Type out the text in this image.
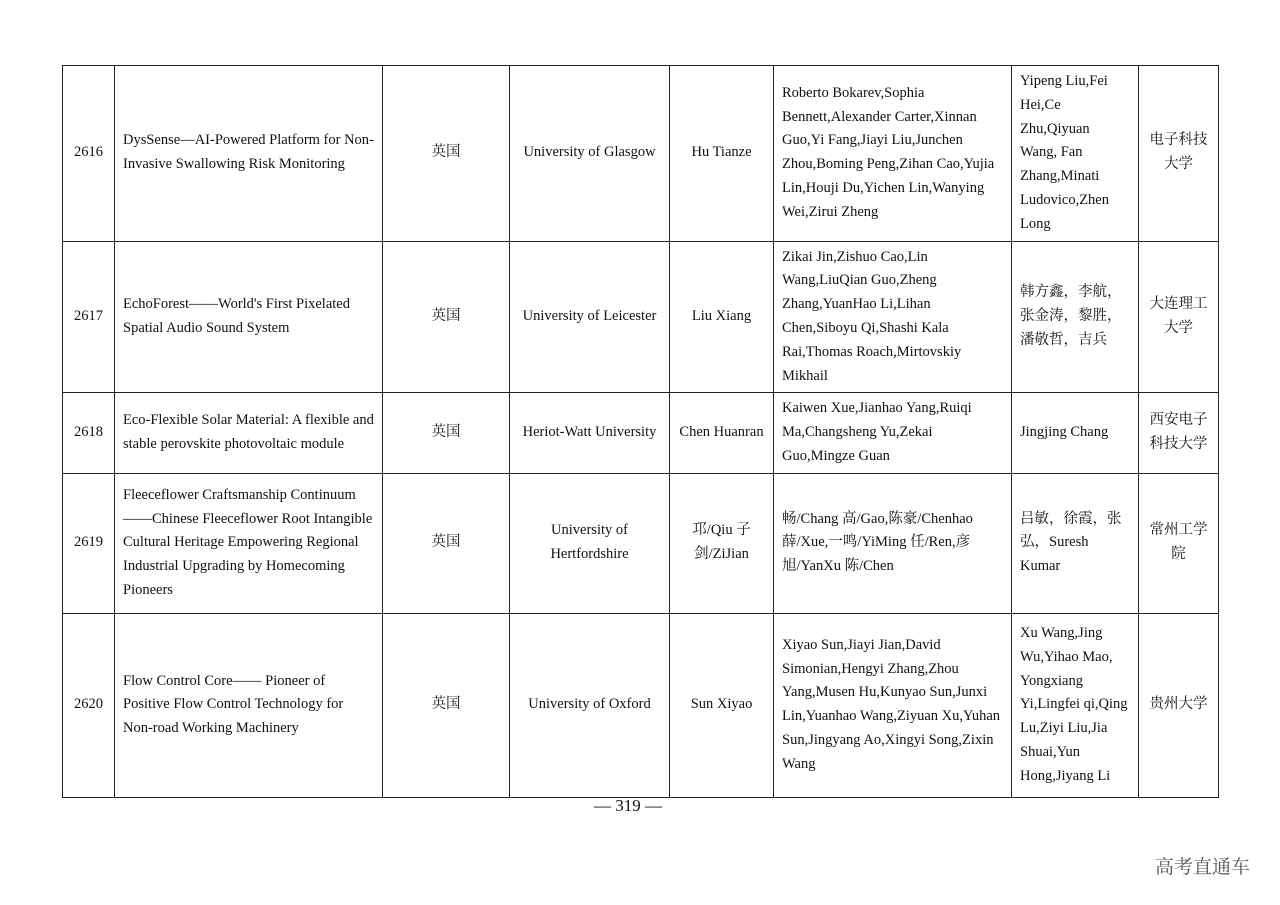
2616	DysSense—AI-Powered Platform for Non-Invasive Swallowing Risk Monitoring	英国	University of Glasgow	Hu Tianze	Roberto Bokarev,Sophia Bennett,Alexander Carter,Xinnan Guo,Yi Fang,Jiayi Liu,Junchen Zhou,Boming Peng,Zihan Cao,Yujia Lin,Houji Du,Yichen Lin,Wanying Wei,Zirui Zheng	Yipeng Liu,Fei Hei,Ce Zhu,Qiyuan Wang, Fan Zhang,Minati Ludovico,Zhen Long	电子科技大学
2617	EchoForest——World's First Pixelated Spatial Audio Sound System	英国	University of Leicester	Liu Xiang	Zikai Jin,Zishuo Cao,Lin Wang,LiuQian Guo,Zheng Zhang,YuanHao Li,Lihan Chen,Siboyu Qi,Shashi Kala Rai,Thomas Roach,Mirtovskiy Mikhail	韩方鑫，李航，张金涛，黎胜，潘敬哲，吉兵	大连理工大学
2618	Eco-Flexible Solar Material: A flexible and stable perovskite photovoltaic module	英国	Heriot-Watt University	Chen Huanran	Kaiwen Xue,Jianhao Yang,Ruiqi Ma,Changsheng Yu,Zekai Guo,Mingze Guan	Jingjing Chang	西安电子科技大学
2619	Fleeceflower Craftsmanship Continuum——Chinese Fleeceflower Root Intangible Cultural Heritage Empowering Regional Industrial Upgrading by Homecoming Pioneers	英国	University of Hertfordshire	邛/Qiu 子剑/ZiJian	畅/Chang 高/Gao,陈豪/Chenhao 薛/Xue,一鸣/YiMing 任/Ren,彦旭/YanXu 陈/Chen	吕敏，徐霞，张弘，Suresh Kumar	常州工学院
2620	Flow Control Core—— Pioneer of Positive Flow Control Technology for Non-road Working Machinery	英国	University of Oxford	Sun Xiyao	Xiyao Sun,Jiayi Jian,David Simonian,Hengyi Zhang,Zhou Yang,Musen Hu,Kunyao Sun,Junxi Lin,Yuanhao Wang,Ziyuan Xu,Yuhan Sun,Jingyang Ao,Xingyi Song,Zixin Wang	Xu Wang,Jing Wu,Yihao Mao, Yongxiang Yi,Lingfei qi,Qing Lu,Ziyi Liu,Jia Shuai,Yun Hong,Jiyang Li	贵州大学
— 319 —
高考直通车
